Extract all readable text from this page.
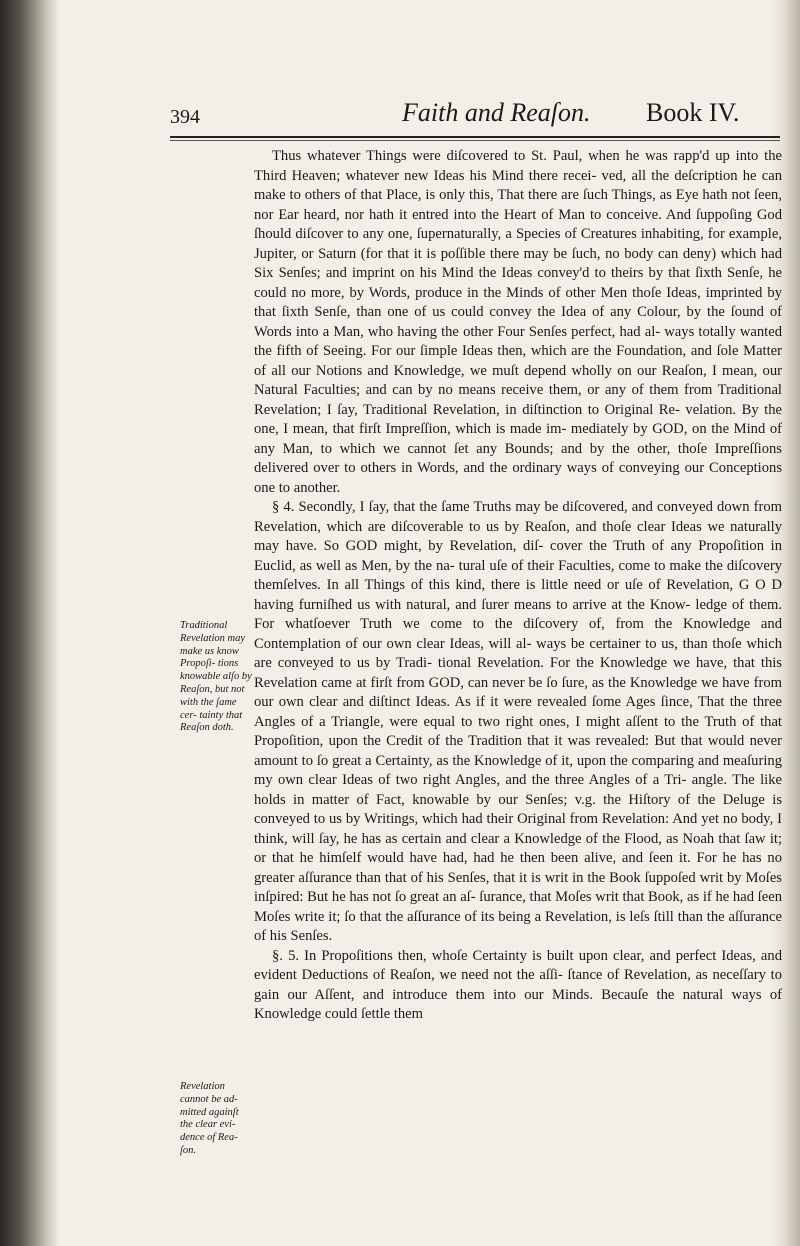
394	Faith and Reaſon. Book IV.
Traditional Revelation may make us know Propoſi- tions knowable alſo by Reaſon, but not with the ſame cer- tainty that Reaſon doth.
Revelation cannot be ad- mitted againſt the clear evi- dence of Rea- ſon.

Thus whatever Things were diſcovered to St. Paul, when he was rapp'd up into the Third Heaven; whatever new Ideas his Mind there recei- ved, all the deſcription he can make to others of that Place, is only this, That there are ſuch Things, as Eye hath not ſeen, nor Ear heard, nor hath it entred into the Heart of Man to conceive. And ſuppoſing God ſhould diſcover to any one, ſupernaturally, a Species of Creatures inhabiting, for example, Jupiter, or Saturn (for that it is poſſible there may be ſuch, no body can deny) which had Six Senſes; and imprint on his Mind the Ideas convey'd to theirs by that ſixth Senſe, he could no more, by Words, produce in the Minds of other Men thoſe Ideas, imprinted by that ſixth Senſe, than one of us could convey the Idea of any Colour, by the ſound of Words into a Man, who having the other Four Senſes perfect, had al- ways totally wanted the fifth of Seeing. For our ſimple Ideas then, which are the Foundation, and ſole Matter of all our Notions and Knowledge, we muſt depend wholly on our Reaſon, I mean, our Natural Faculties; and can by no means receive them, or any of them from Traditional Revelation; I ſay, Traditional Revelation, in diſtinction to Original Re- velation. By the one, I mean, that firſt Impreſſion, which is made im- mediately by GOD, on the Mind of any Man, to which we cannot ſet any Bounds; and by the other, thoſe Impreſſions delivered over to others in Words, and the ordinary ways of conveying our Conceptions one to another.

§ 4. Secondly, I ſay, that the ſame Truths may be diſcovered, and conveyed down from Revelation, which are diſcoverable to us by Reaſon, and thoſe clear Ideas we naturally may have. So GOD might, by Revelation, diſ- cover the Truth of any Propoſition in Euclid, as well as Men, by the na- tural uſe of their Faculties, come to make the diſcovery themſelves. In all Things of this kind, there is little need or uſe of Revelation, G O D having furniſhed us with natural, and ſurer means to arrive at the Know- ledge of them. For whatſoever Truth we come to the diſcovery of, from the Knowledge and Contemplation of our own clear Ideas, will al- ways be certainer to us, than thoſe which are conveyed to us by Tradi- tional Revelation. For the Knowledge we have, that this Revelation came at firſt from GOD, can never be ſo ſure, as the Knowledge we have from our own clear and diſtinct Ideas. As if it were revealed ſome Ages ſince, That the three Angles of a Triangle, were equal to two right ones, I might aſſent to the Truth of that Propoſition, upon the Credit of the Tradition that it was revealed: But that would never amount to ſo great a Certainty, as the Knowledge of it, upon the comparing and meaſuring my own clear Ideas of two right Angles, and the three Angles of a Tri- angle. The like holds in matter of Fact, knowable by our Senſes; v.g. the Hiſtory of the Deluge is conveyed to us by Writings, which had their Original from Revelation: And yet no body, I think, will ſay, he has as certain and clear a Knowledge of the Flood, as Noah that ſaw it; or that he himſelf would have had, had he then been alive, and ſeen it. For he has no greater aſſurance than that of his Senſes, that it is writ in the Book ſuppoſed writ by Moſes inſpired: But he has not ſo great an aſ- ſurance, that Moſes writ that Book, as if he had ſeen Moſes write it; ſo that the aſſurance of its being a Revelation, is leſs ſtill than the aſſurance of his Senſes.

§. 5. In Propoſitions then, whoſe Certainty is built upon clear, and perfect Ideas, and evident Deductions of Reaſon, we need not the aſſi- ſtance of Revelation, as neceſſary to gain our Aſſent, and introduce them into our Minds. Becauſe the natural ways of Knowledge could ſettle them
